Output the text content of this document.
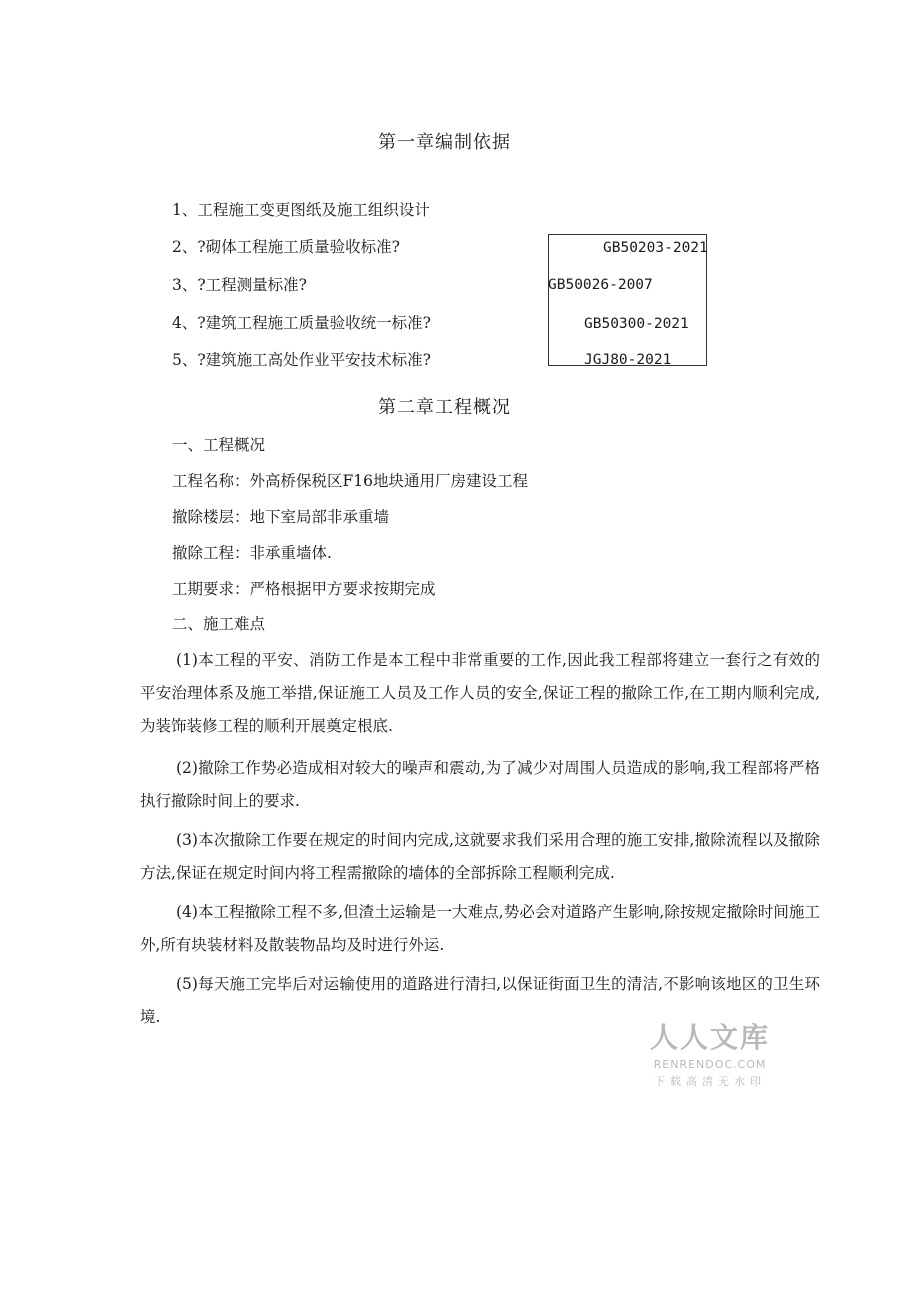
第一章编制依据
1、工程施工变更图纸及施工组织设计
2、?砌体工程施工质量验收标准?
3、?工程测量标准?
4、?建筑工程施工质量验收统一标准?
5、?建筑施工高处作业平安技术标准?
GB50203-2021
GB50026-2007
GB50300-2021
JGJ80-2021
第二章工程概况
一、工程概况
工程名称：外高桥保税区F16地块通用厂房建设工程
撤除楼层：地下室局部非承重墙
撤除工程：非承重墙体.
工期要求：严格根据甲方要求按期完成
二、施工难点
(1)本工程的平安、消防工作是本工程中非常重要的工作,因此我工程部将建立一套行之有效的平安治理体系及施工举措,保证施工人员及工作人员的安全,保证工程的撤除工作,在工期内顺利完成,为装饰装修工程的顺利开展奠定根底.
(2)撤除工作势必造成相对较大的噪声和震动,为了减少对周围人员造成的影响,我工程部将严格执行撤除时间上的要求.
(3)本次撤除工作要在规定的时间内完成,这就要求我们采用合理的施工安排,撤除流程以及撤除方法,保证在规定时间内将工程需撤除的墙体的全部拆除工程顺利完成.
(4)本工程撤除工程不多,但渣土运输是一大难点,势必会对道路产生影响,除按规定撤除时间施工外,所有块装材料及散装物品均及时进行外运.
(5)每天施工完毕后对运输使用的道路进行清扫,以保证街面卫生的清洁,不影响该地区的卫生环境.
人人文库
RENRENDOC.COM
下载高清无水印
